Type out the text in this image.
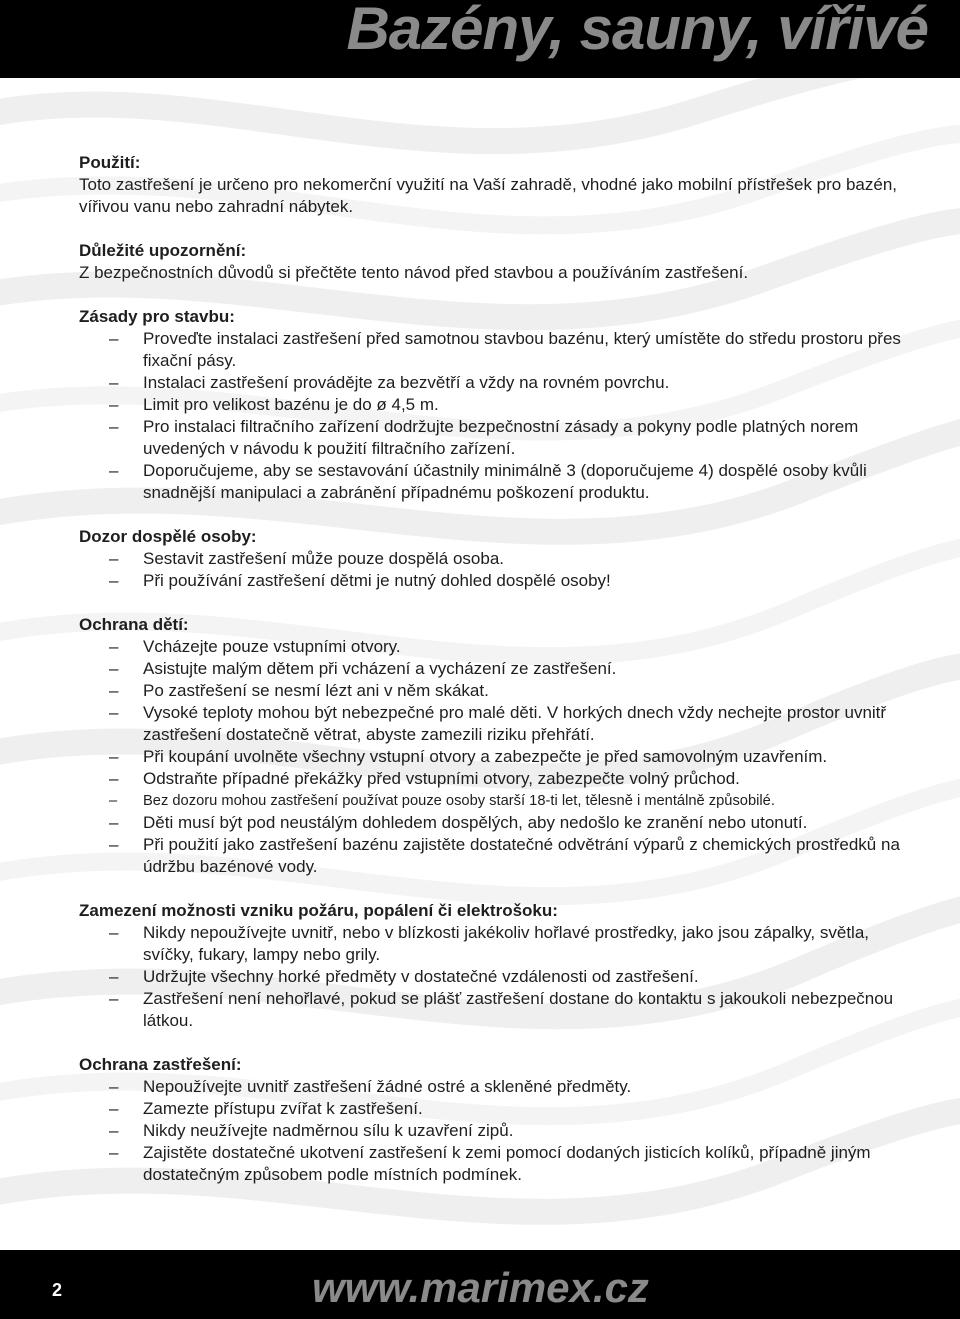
Bazény, sauny, vířivé

Použití:

Toto zastřešení je určeno pro nekomerční využití na Vaší zahradě, vhodné jako mobilní přístřešek pro bazén, vířivou vanu nebo zahradní nábytek.

Důležité upozornění:

Z bezpečnostních důvodů si přečtěte tento návod před stavbou a používáním zastřešení.

Zásady pro stavbu:

– Proveďte instalaci zastřešení před samotnou stavbou bazénu, který umístěte do středu prostoru přes fixační pásy.
– Instalaci zastřešení provádějte za bezvětří a vždy na rovném povrchu.
– Limit pro velikost bazénu je do ø 4,5 m.
– Pro instalaci filtračního zařízení dodržujte bezpečnostní zásady a pokyny podle platných norem uvedených v návodu k použití filtračního zařízení.
– Doporučujeme, aby se sestavování účastnily minimálně 3 (doporučujeme 4) dospělé osoby kvůli snadnější manipulaci a zabránění případnému poškození produktu.

Dozor dospělé osoby:

– Sestavit zastřešení může pouze dospělá osoba.
– Při používání zastřešení dětmi je nutný dohled dospělé osoby!

Ochrana dětí:

– Vcházejte pouze vstupními otvory.
– Asistujte malým dětem při vcházení a vycházení ze zastřešení.
– Po zastřešení se nesmí lézt ani v něm skákat.
– Vysoké teploty mohou být nebezpečné pro malé děti. V horkých dnech vždy nechejte prostor uvnitř zastřešení dostatečně větrat, abyste zamezili riziku přehřátí.
– Při koupání uvolněte všechny vstupní otvory a zabezpečte je před samovolným uzavřením.
– Odstraňte případné překážky před vstupními otvory, zabezpečte volný průchod.
– Bez dozoru mohou zastřešení používat pouze osoby starší 18-ti let, tělesně i mentálně způsobilé.
– Děti musí být pod neustálým dohledem dospělých, aby nedošlo ke zranění nebo utonutí.
– Při použití jako zastřešení bazénu zajistěte dostatečné odvětrání výparů z chemických prostředků na údržbu bazénové vody.

Zamezení možnosti vzniku požáru, popálení či elektrošoku:

– Nikdy nepoužívejte uvnitř, nebo v blízkosti jakékoliv hořlavé prostředky, jako jsou zápalky, světla, svíčky, fukary, lampy nebo grily.
– Udržujte všechny horké předměty v dostatečné vzdálenosti od zastřešení.
– Zastřešení není nehořlavé, pokud se plášť zastřešení dostane do kontaktu s jakoukoli nebezpečnou látkou.

Ochrana zastřešení:

– Nepoužívejte uvnitř zastřešení žádné ostré a skleněné předměty.
– Zamezte přístupu zvířat k zastřešení.
– Nikdy neužívejte nadměrnou sílu k uzavření zipů.
– Zajistěte dostatečné ukotvení zastřešení k zemi pomocí dodaných jisticích kolíků, případně jiným dostatečným způsobem podle místních podmínek.
2	www.marimex.cz
